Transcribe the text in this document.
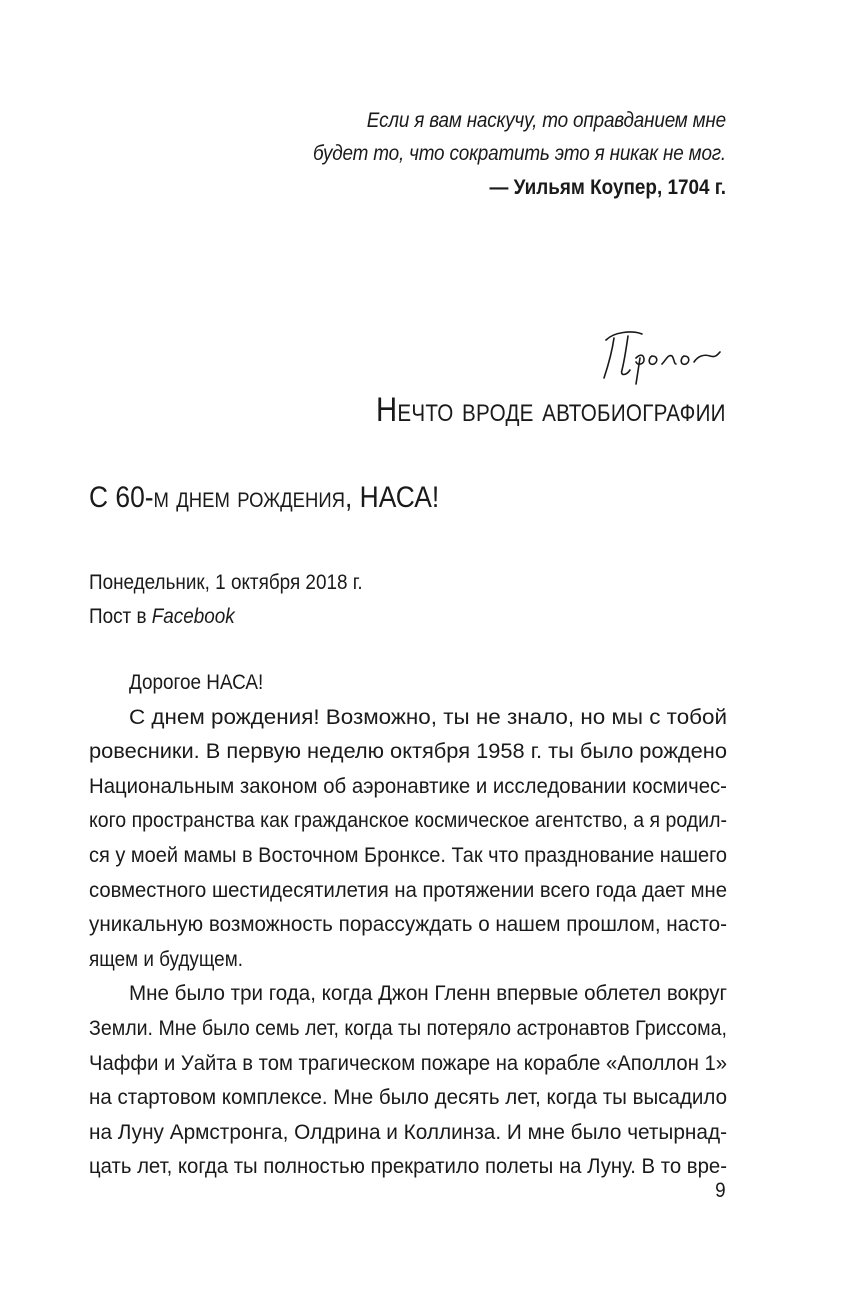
Если я вам наскучу, то оправданием мне
будет то, что сократить это я никак не мог.
— Уильям Коупер, 1704 г.
Нечто вроде автобиографии
С 60-м днем рождения, НАСА!
Понедельник, 1 октября 2018 г.
Пост в Facebook
Дорогое НАСА!
С днем рождения! Возможно, ты не знало, но мы с тобой
ровесники. В первую неделю октября 1958 г. ты было рождено
Национальным законом об аэронавтике и исследовании космичес-
кого пространства как гражданское космическое агентство, а я родил-
ся у моей мамы в Восточном Бронксе. Так что празднование нашего
совместного шестидесятилетия на протяжении всего года дает мне
уникальную возможность порассуждать о нашем прошлом, насто-
ящем и будущем.
Мне было три года, когда Джон Гленн впервые облетел вокруг
Земли. Мне было семь лет, когда ты потеряло астронавтов Гриссома,
Чаффи и Уайта в том трагическом пожаре на корабле «Аполлон 1»
на стартовом комплексе. Мне было десять лет, когда ты высадило
на Луну Армстронга, Олдрина и Коллинза. И мне было четырнад-
цать лет, когда ты полностью прекратило полеты на Луну. В то вре-
9
